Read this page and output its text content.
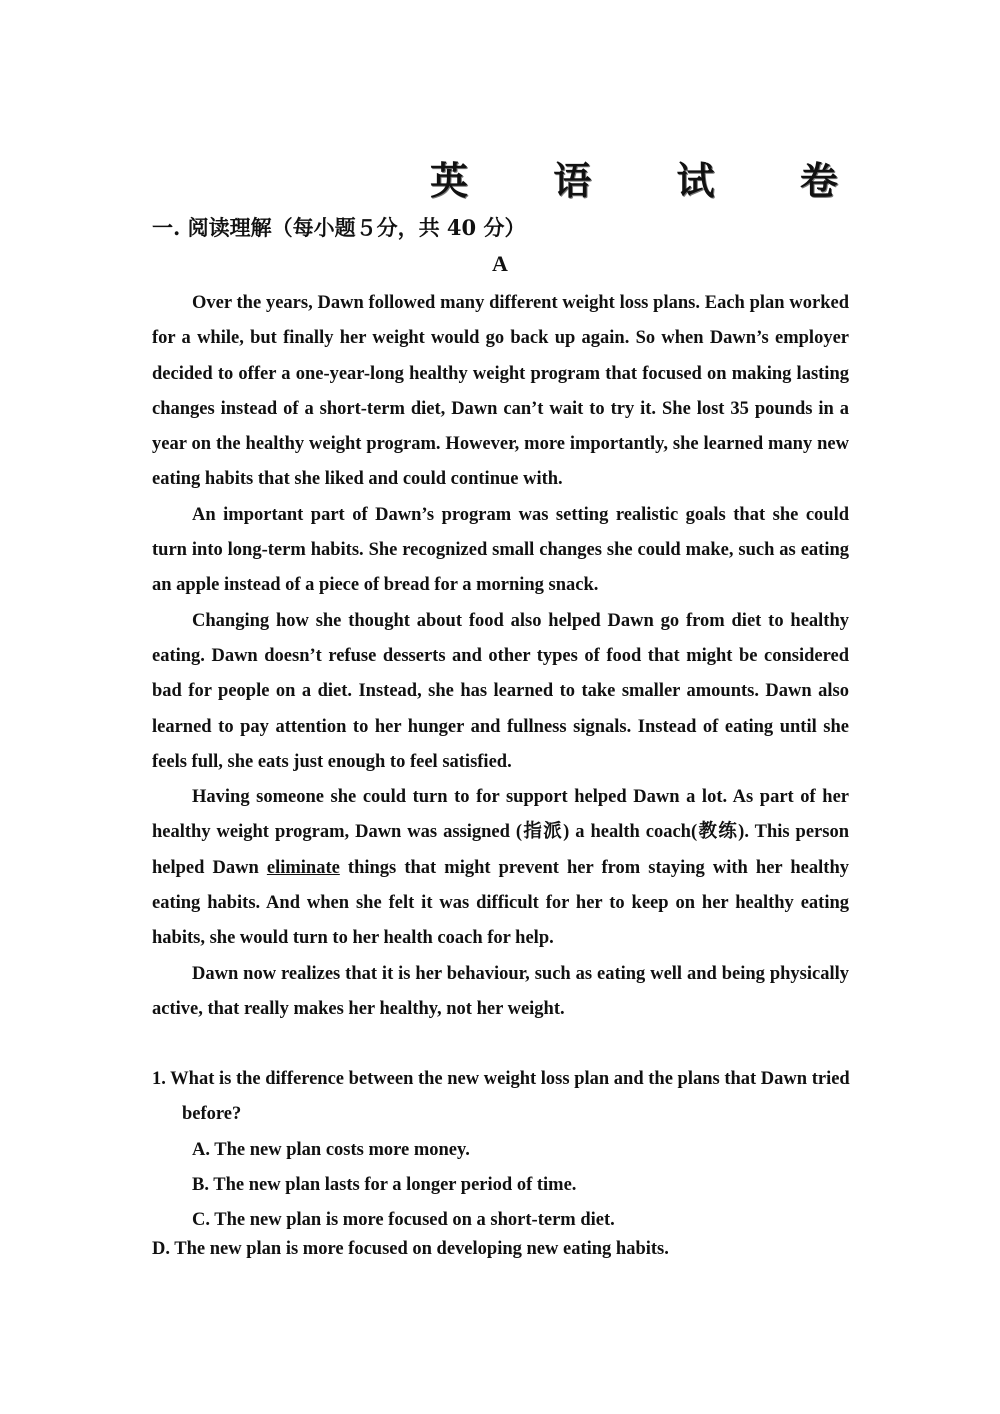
英 语 试 卷
一. 阅读理解（每小题５分，共 40 分）
A

Over the years, Dawn followed many different weight loss plans. Each plan worked for a while, but finally her weight would go back up again. So when Dawn’s employer decided to offer a one-year-long healthy weight program that focused on making lasting changes instead of a short-term diet, Dawn can’t wait to try it. She lost 35 pounds in a year on the healthy weight program. However, more importantly, she learned many new eating habits that she liked and could continue with.

An important part of Dawn’s program was setting realistic goals that she could turn into long-term habits. She recognized small changes she could make, such as eating an apple instead of a piece of bread for a morning snack.

Changing how she thought about food also helped Dawn go from diet to healthy eating. Dawn doesn’t refuse desserts and other types of food that might be considered bad for people on a diet. Instead, she has learned to take smaller amounts. Dawn also learned to pay attention to her hunger and fullness signals. Instead of eating until she feels full, she eats just enough to feel satisfied.

Having someone she could turn to for support helped Dawn a lot. As part of her healthy weight program, Dawn was assigned (指派) a health coach(教练). This person helped Dawn eliminate things that might prevent her from staying with her healthy eating habits. And when she felt it was difficult for her to keep on her healthy eating habits, she would turn to her health coach for help.

Dawn now realizes that it is her behaviour, such as eating well and being physically active, that really makes her healthy, not her weight.

1. What is the difference between the new weight loss plan and the plans that Dawn tried before?

A. The new plan costs more money.

B. The new plan lasts for a longer period of time.

C. The new plan is more focused on a short-term diet.

D. The new plan is more focused on developing new eating habits.
